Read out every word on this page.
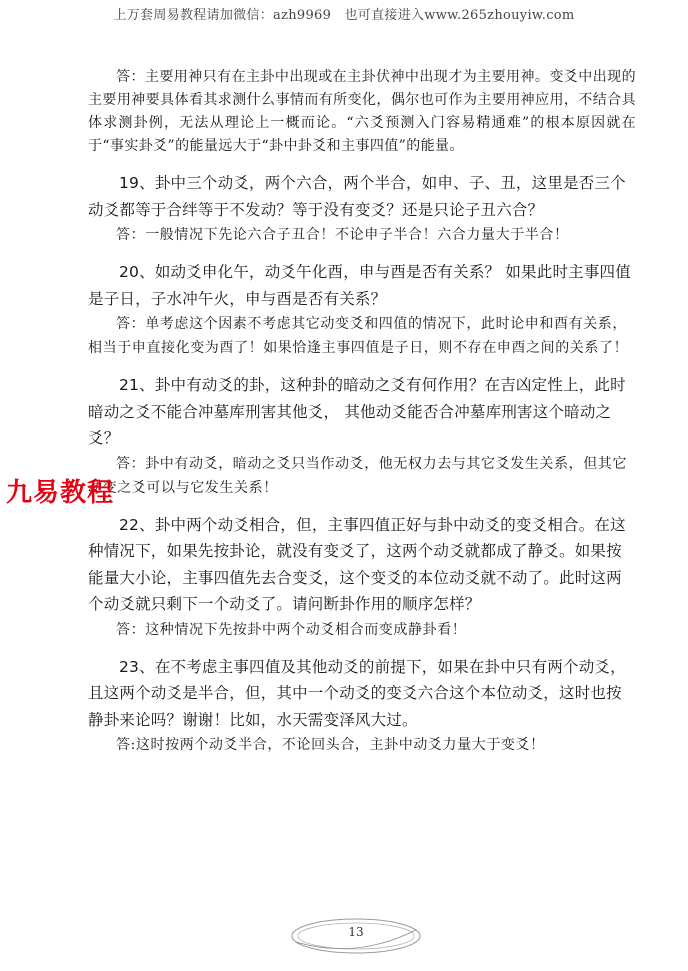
上万套周易教程请加微信：azh9969　也可直接进入www.265zhouyiw.com

答：主要用神只有在主卦中出现或在主卦伏神中出现才为主要用神。变爻中出现的主要用神要具体看其求测什么事情而有所变化，偶尔也可作为主要用神应用，不结合具体求测卦例，无法从理论上一概而论。“六爻预测入门容易精通难”的根本原因就在于“事实卦爻”的能量远大于“卦中卦爻和主事四值”的能量。

19、卦中三个动爻，两个六合，两个半合，如申、子、丑，这里是否三个动爻都等于合绊等于不发动？等于没有变爻？还是只论子丑六合？

答：一般情况下先论六合子丑合！不论申子半合！六合力量大于半合！

20、如动爻申化午，动爻午化酉，申与酉是否有关系？ 如果此时主事四值是子日，子水冲午火，申与酉是否有关系？

答：单考虑这个因素不考虑其它动变爻和四值的情况下，此时论申和酉有关系，相当于申直接化变为酉了！如果恰逢主事四值是子日，则不存在申酉之间的关系了！

21、卦中有动爻的卦，这种卦的暗动之爻有何作用？在吉凶定性上，此时暗动之爻不能合冲墓库刑害其他爻， 其他动爻能否合冲墓库刑害这个暗动之爻？

答：卦中有动爻，暗动之爻只当作动爻，他无权力去与其它爻发生关系，但其它动变之爻可以与它发生关系！

22、卦中两个动爻相合，但，主事四值正好与卦中动爻的变爻相合。在这种情况下，如果先按卦论，就没有变爻了，这两个动爻就都成了静爻。如果按能量大小论，主事四值先去合变爻，这个变爻的本位动爻就不动了。此时这两个动爻就只剩下一个动爻了。请问断卦作用的顺序怎样？

答：这种情况下先按卦中两个动爻相合而变成静卦看！

23、在不考虑主事四值及其他动爻的前提下，如果在卦中只有两个动爻，且这两个动爻是半合，但，其中一个动爻的变爻六合这个本位动爻，这时也按静卦来论吗？谢谢！比如，水天需变泽风大过。

答:这时按两个动爻半合，不论回头合，主卦中动爻力量大于变爻！

九易教程
13
